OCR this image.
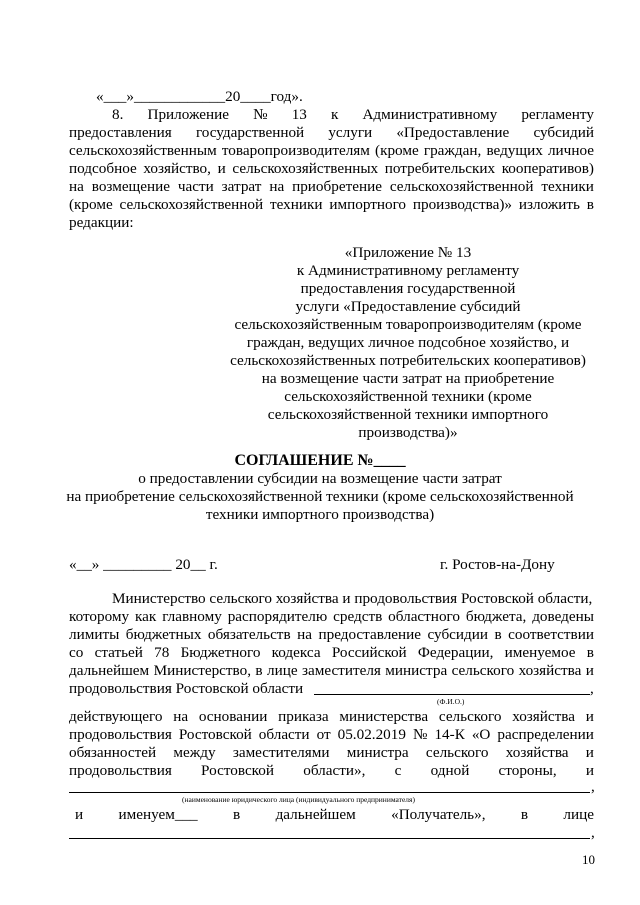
«___»____________20____год».
8. Приложение № 13 к Административному регламенту
предоставления государственной услуги «Предоставление субсидий
сельскохозяйственным товаропроизводителям (кроме граждан, ведущих личное
подсобное хозяйство, и сельскохозяйственных потребительских кооперативов)
на возмещение части затрат на приобретение сельскохозяйственной техники
(кроме сельскохозяйственной техники импортного производства)» изложить в
редакции:
«Приложение № 13
к Административному регламенту
предоставления государственной
услуги «Предоставление субсидий
сельскохозяйственным товаропроизводителям (кроме
граждан, ведущих личное подсобное хозяйство, и
сельскохозяйственных потребительских кооперативов)
на возмещение части затрат на приобретение
сельскохозяйственной техники (кроме
сельскохозяйственной техники импортного
производства)»
СОГЛАШЕНИЕ №____
о предоставлении субсидии на возмещение части затрат
на приобретение сельскохозяйственной техники (кроме сельскохозяйственной
техники импортного производства)
«__» _________ 20__ г.	г. Ростов-на-Дону
Министерство сельского хозяйства и продовольствия Ростовской области,
которому как главному распорядителю средств областного бюджета, доведены
лимиты бюджетных обязательств на предоставление субсидии в соответствии
со статьей 78 Бюджетного кодекса Российской Федерации, именуемое в
дальнейшем Министерство, в лице заместителя министра сельского хозяйства и
продовольствия Ростовской области	,
(Ф.И.О.)
действующего на основании приказа министерства сельского хозяйства и
продовольствия Ростовской области от 05.02.2019 № 14-К «О распределении
обязанностей между заместителями министра сельского хозяйства и
продовольствия Ростовской области», с одной стороны, и
,
(наименование юридического лица (индивидуального предпринимателя)
и именуем___ в дальнейшем «Получатель», в лице
,
10
